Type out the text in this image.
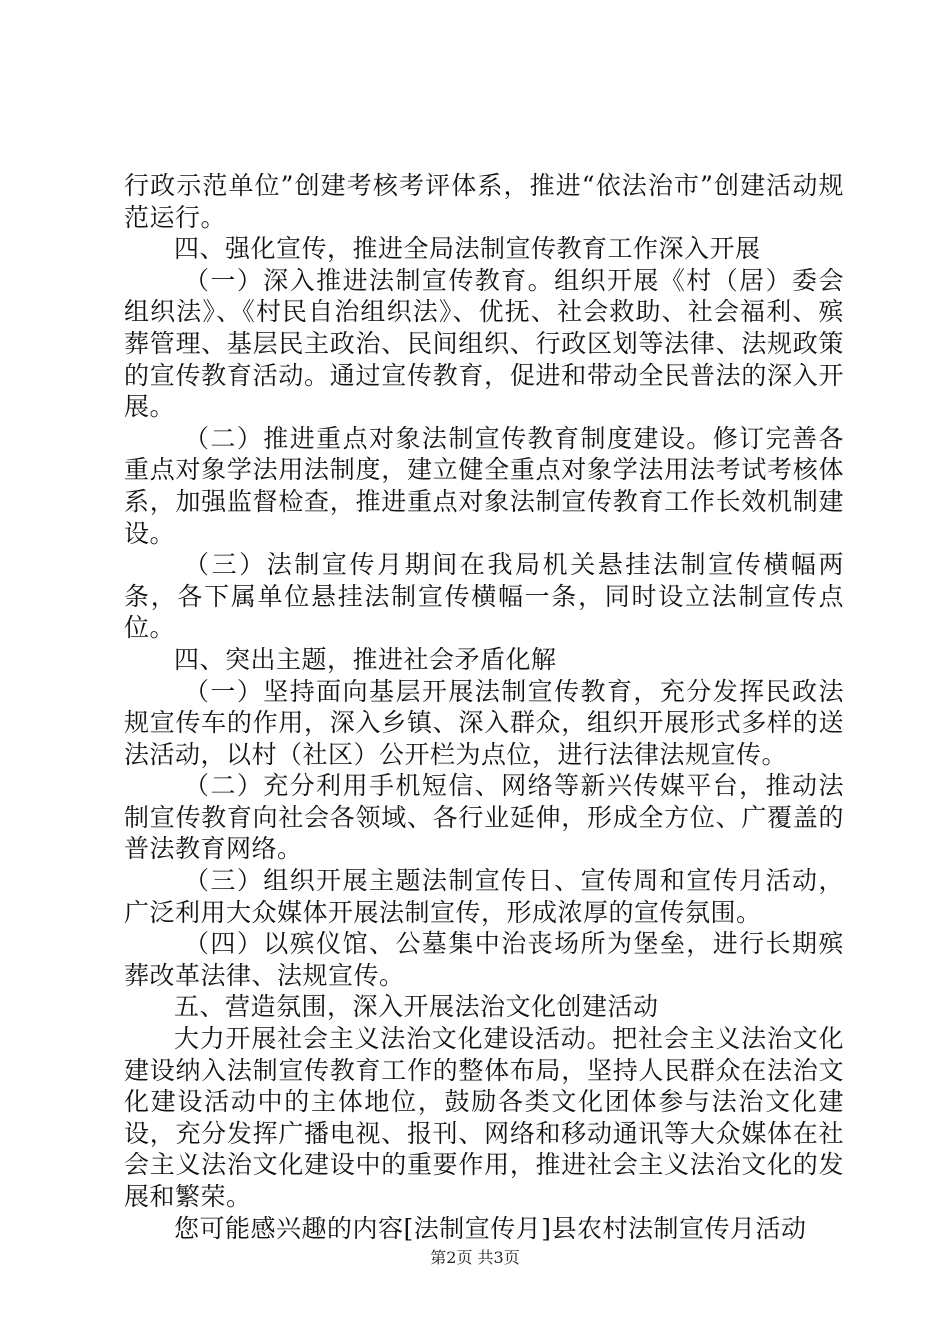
行政示范单位”创建考核考评体系，推进“依法治市”创建活动规范运行。

四、强化宣传，推进全局法制宣传教育工作深入开展

（一）深入推进法制宣传教育。组织开展《村（居）委会组织法》、《村民自治组织法》、优抚、社会救助、社会福利、殡葬管理、基层民主政治、民间组织、行政区划等法律、法规政策的宣传教育活动。通过宣传教育，促进和带动全民普法的深入开展。

（二）推进重点对象法制宣传教育制度建设。修订完善各重点对象学法用法制度，建立健全重点对象学法用法考试考核体系，加强监督检查，推进重点对象法制宣传教育工作长效机制建设。

（三）法制宣传月期间在我局机关悬挂法制宣传横幅两条，各下属单位悬挂法制宣传横幅一条，同时设立法制宣传点位。

四、突出主题，推进社会矛盾化解

（一）坚持面向基层开展法制宣传教育，充分发挥民政法规宣传车的作用，深入乡镇、深入群众，组织开展形式多样的送法活动，以村（社区）公开栏为点位，进行法律法规宣传。

（二）充分利用手机短信、网络等新兴传媒平台，推动法制宣传教育向社会各领域、各行业延伸，形成全方位、广覆盖的普法教育网络。

（三）组织开展主题法制宣传日、宣传周和宣传月活动，广泛利用大众媒体开展法制宣传，形成浓厚的宣传氛围。

（四）以殡仪馆、公墓集中治丧场所为堡垒，进行长期殡葬改革法律、法规宣传。

五、营造氛围，深入开展法治文化创建活动

大力开展社会主义法治文化建设活动。把社会主义法治文化建设纳入法制宣传教育工作的整体布局，坚持人民群众在法治文化建设活动中的主体地位，鼓励各类文化团体参与法治文化建设，充分发挥广播电视、报刊、网络和移动通讯等大众媒体在社会主义法治文化建设中的重要作用，推进社会主义法治文化的发展和繁荣。

您可能感兴趣的内容[法制宣传月]县农村法制宣传月活动

第2页 共3页
